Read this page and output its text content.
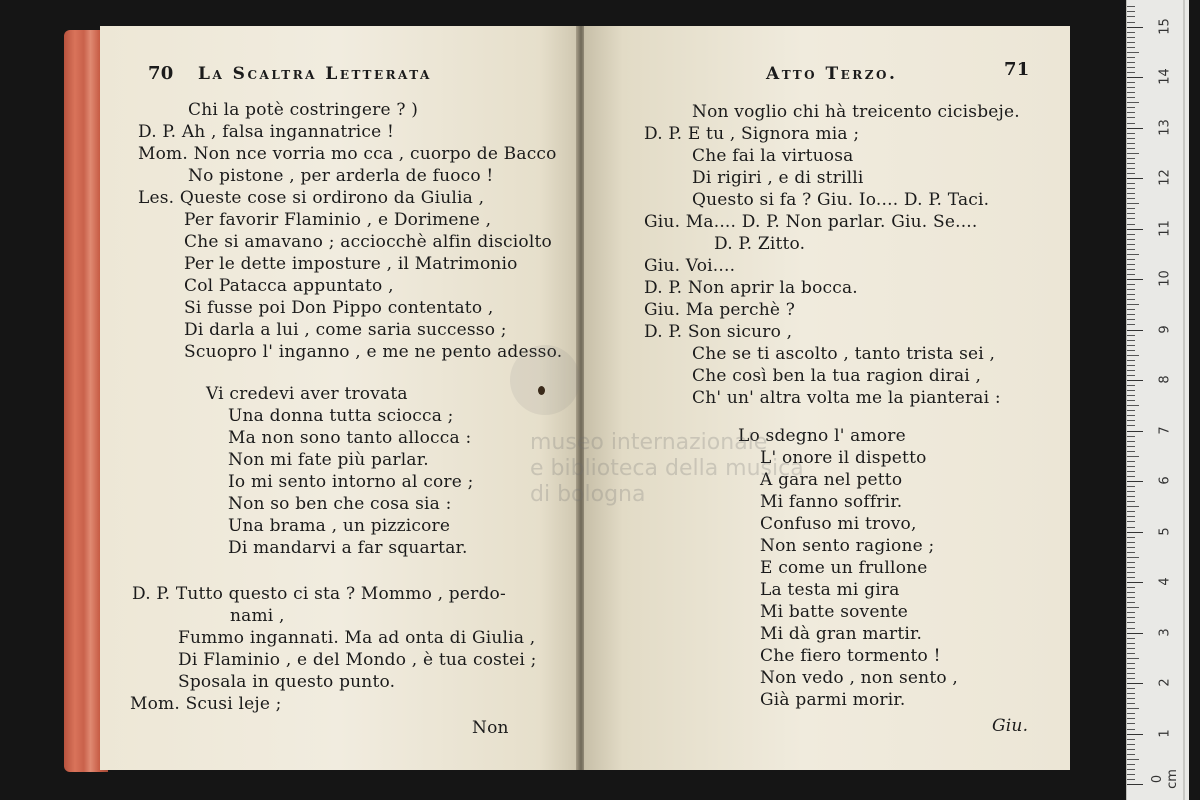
70 La Scaltra Letterata
Chi la potè costringere ? )
D. P. Ah , falsa ingannatrice !
Mom. Non nce vorria mo cca , cuorpo de Bacco
No pistone , per arderla de fuoco !
Les. Queste cose si ordirono da Giulia ,
Per favorir Flaminio , e Dorimene ,
Che si amavano ; acciocchè alfin disciolto
Per le dette imposture , il Matrimonio
Col Patacca appuntato ,
Si fusse poi Don Pippo contentato ,
Di darla a lui , come saria successo ;
Scuopro l' inganno , e me ne pento adesso.
Vi credevi aver trovata
Una donna tutta sciocca ;
Ma non sono tanto allocca :
Non mi fate più parlar.
Io mi sento intorno al core ;
Non so ben che cosa sia :
Una brama , un pizzicore
Di mandarvi a far squartar.
D. P. Tutto questo ci sta ? Mommo , perdo-
nami ,
Fummo ingannati. Ma ad onta di Giulia ,
Di Flaminio , e del Mondo , è tua costei ;
Sposala in questo punto.
Mom. Scusi leje ;
Non
Atto Terzo.	71
Non voglio chi hà treicento cicisbeje.
D. P. E tu , Signora mia ;
Che fai la virtuosa
Di rigiri , e di strilli
Questo si fa ? Giu. Io.... D. P. Taci.
Giu. Ma.... D. P. Non parlar. Giu. Se....
D. P. Zitto.
Giu. Voi....
D. P. Non aprir la bocca.
Giu. Ma perchè ?
D. P. Son sicuro ,
Che se ti ascolto , tanto trista sei ,
Che così ben la tua ragion dirai ,
Ch' un' altra volta me la pianterai :
Lo sdegno l' amore
L' onore il dispetto
A gara nel petto
Mi fanno soffrir.
Confuso mi trovo,
Non sento ragione ;
E come un frullone
La testa mi gira
Mi batte sovente
Mi dà gran martir.
Che fiero tormento !
Non vedo , non sento ,
Già parmi morir.
Giu.
museo internazionale
e biblioteca della musica
di bologna
0 cm
1
2
3
4
5
6
7
8
9
10
11
12
13
14
15
